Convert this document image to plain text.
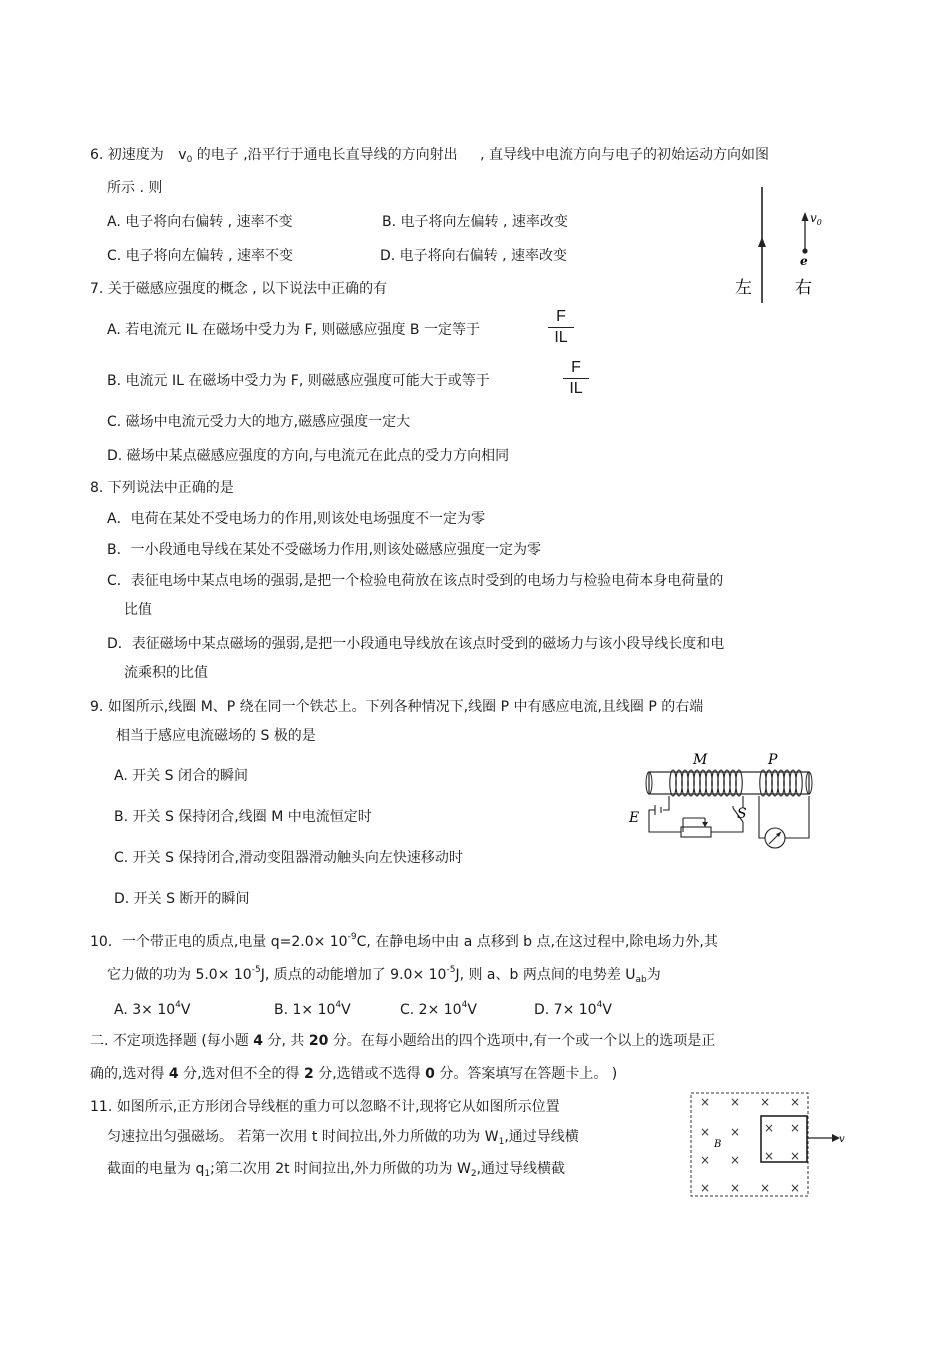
6. 初速度为 $v_0$ 的电子 ,沿平行于通电长直导线的方向射出 , 直导线中电流方向与电子的初始运动方向如图
所示 . 则
A. 电子将向右偏转 , 速率不变	B. 电子将向左偏转 , 速率改变
C. 电子将向左偏转 , 速率不变	D. 电子将向右偏转 , 速率改变
$v_0$
e
左	右
7. 关于磁感应强度的概念 , 以下说法中正确的有
A. 若电流元 IL 在磁场中受力为 F, 则磁感应强度 B 一定等于
F
IL
B. 电流元 IL 在磁场中受力为 F, 则磁感应强度可能大于或等于
F
IL
C. 磁场中电流元受力大的地方,磁感应强度一定大
D. 磁场中某点磁感应强度的方向,与电流元在此点的受力方向相同
8. 下列说法中正确的是
A．电荷在某处不受电场力的作用,则该处电场强度不一定为零
B．一小段通电导线在某处不受磁场力作用,则该处磁感应强度一定为零
C．表征电场中某点电场的强弱,是把一个检验电荷放在该点时受到的电场力与检验电荷本身电荷量的
比值
D．表征磁场中某点磁场的强弱,是把一小段通电导线放在该点时受到的磁场力与该小段导线长度和电
流乘积的比值
9. 如图所示,线圈 M、P 绕在同一个铁芯上。下列各种情况下,线圈 P 中有感应电流,且线圈 P 的右端
相当于感应电流磁场的 S 极的是
A. 开关 S 闭合的瞬间
B. 开关 S 保持闭合,线圈 M 中电流恒定时
C. 开关 S 保持闭合,滑动变阻器滑动触头向左快速移动时
D. 开关 S 断开的瞬间
M	P
E	S
10．一个带正电的质点,电量 $q=2.0\times 10^{-9}C$, 在静电场中由 a 点移到 b 点,在这过程中,除电场力外,其
它力做的功为 $5.0\times 10^{-5}J$, 质点的动能增加了 $9.0\times 10^{-5}J$, 则 a、b 两点间的电势差 $U_{ab}$为
A. $3\times 10^4V$	B. $1\times 10^4V$	C. $2\times 10^4V$	D. $7\times 10^4V$
二. 不定项选择题 (每小题 4 分, 共 20 分。在每小题给出的四个选项中,有一个或一个以上的选项是正
确的,选对得 4 分,选对但不全的得 2 分,选错或不选得 0 分。答案填写在答题卡上。 )
11. 如图所示,正方形闭合导线框的重力可以忽略不计,现将它从如图所示位置
匀速拉出匀强磁场。 若第一次用 t 时间拉出,外力所做的功为 $W_1$,通过导线横
截面的电量为 $q_1$;第二次用 2t 时间拉出,外力所做的功为 $W_2$,通过导线横截
v
B
× × × ×
× × × ×
× × × ×
× × × ×
